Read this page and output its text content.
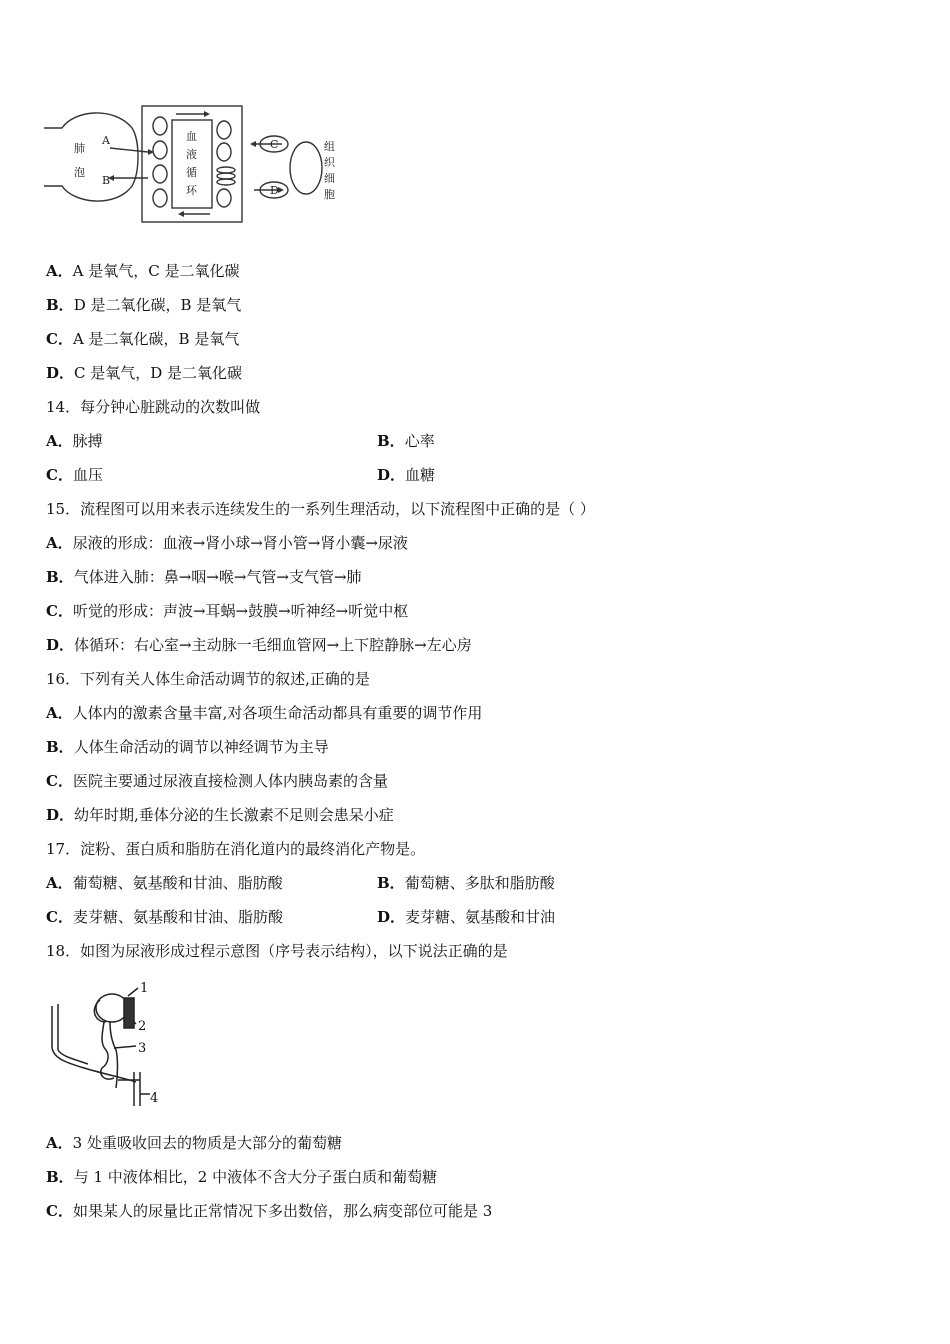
肺
泡
A
B
C
D
血
液
循
环
组
织
细
胞
A．A 是氧气，C 是二氧化碳
B．D 是二氧化碳，B 是氧气
C．A 是二氧化碳，B 是氧气
D．C 是氧气，D 是二氧化碳
14．每分钟心脏跳动的次数叫做
A．脉搏	B．心率
C．血压	D．血糖
15．流程图可以用来表示连续发生的一系列生理活动，以下流程图中正确的是（ ）
A．尿液的形成：血液→肾小球→肾小管→肾小囊→尿液
B．气体进入肺：鼻→咽→喉→气管→支气管→肺
C．听觉的形成：声波→耳蜗→鼓膜→听神经→听觉中枢
D．体循环：右心室→主动脉一毛细血管网→上下腔静脉→左心房
16．下列有关人体生命活动调节的叙述,正确的是
A．人体内的激素含量丰富,对各项生命活动都具有重要的调节作用
B．人体生命活动的调节以神经调节为主导
C．医院主要通过尿液直接检测人体内胰岛素的含量
D．幼年时期,垂体分泌的生长激素不足则会患呆小症
17．淀粉、蛋白质和脂肪在消化道内的最终消化产物是。
A．葡萄糖、氨基酸和甘油、脂肪酸	B．葡萄糖、多肽和脂肪酸
C．麦芽糖、氨基酸和甘油、脂肪酸	D．麦芽糖、氨基酸和甘油
18．如图为尿液形成过程示意图（序号表示结构），以下说法正确的是
1
2
3
4
A．3 处重吸收回去的物质是大部分的葡萄糖
B．与 1 中液体相比，2 中液体不含大分子蛋白质和葡萄糖
C．如果某人的尿量比正常情况下多出数倍，那么病变部位可能是 3
